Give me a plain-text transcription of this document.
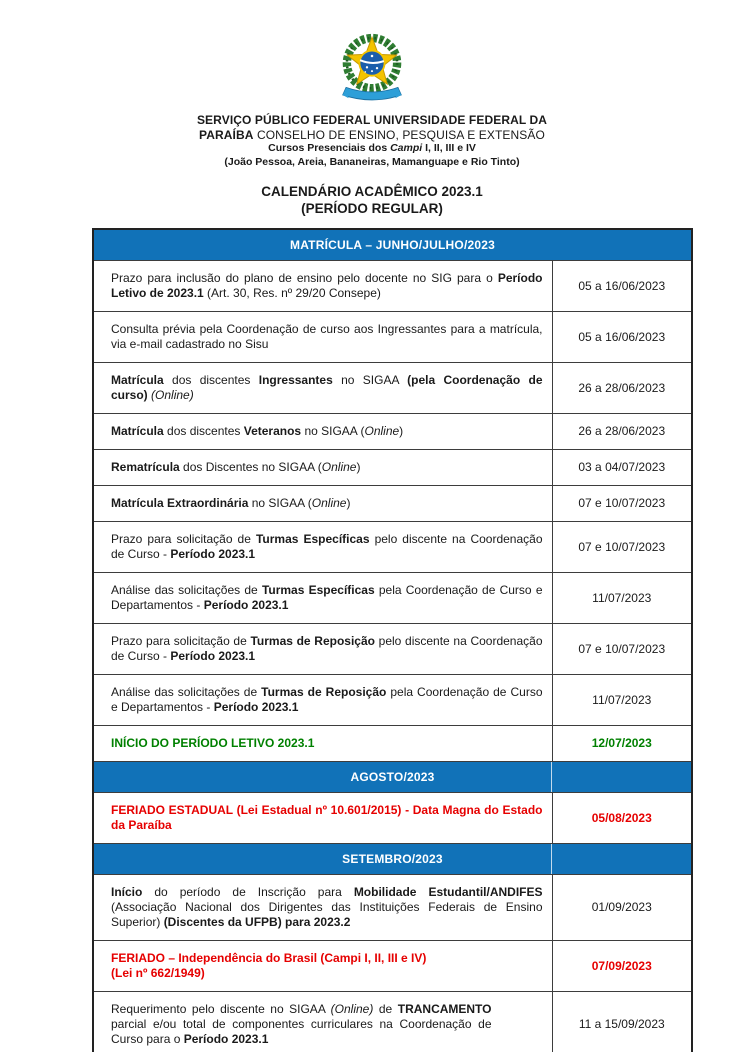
SERVIÇO PÚBLICO FEDERAL UNIVERSIDADE FEDERAL DA
PARAÍBA CONSELHO DE ENSINO, PESQUISA E EXTENSÃO
Cursos Presenciais dos Campi I, II, III e IV
(João Pessoa, Areia, Bananeiras, Mamanguape e Rio Tinto)
CALENDÁRIO ACADÊMICO 2023.1
(PERÍODO REGULAR)
MATRÍCULA – JUNHO/JULHO/2023	
Prazo para inclusão do plano de ensino pelo docente no SIG para o Período Letivo de 2023.1 (Art. 30, Res. nº 29/20 Consepe)	05 a 16/06/2023
Consulta prévia pela Coordenação de curso aos Ingressantes para a matrícula, via e-mail cadastrado no Sisu	05 a 16/06/2023
Matrícula dos discentes Ingressantes no SIGAA (pela Coordenação de curso) (Online)	26 a 28/06/2023
Matrícula dos discentes Veteranos no SIGAA (Online)	26 a 28/06/2023
Rematrícula dos Discentes no SIGAA (Online)	03 a 04/07/2023
Matrícula Extraordinária no SIGAA (Online)	07 e 10/07/2023
Prazo para solicitação de Turmas Específicas pelo discente na Coordenação de Curso - Período 2023.1	07 e 10/07/2023
Análise das solicitações de Turmas Específicas pela Coordenação de Curso e Departamentos - Período 2023.1	11/07/2023
Prazo para solicitação de Turmas de Reposição pelo discente na Coordenação de Curso - Período 2023.1	07 e 10/07/2023
Análise das solicitações de Turmas de Reposição pela Coordenação de Curso e Departamentos - Período 2023.1	11/07/2023
INÍCIO DO PERÍODO LETIVO 2023.1	12/07/2023
AGOSTO/2023	

FERIADO ESTADUAL (Lei Estadual nº 10.601/2015) - Data Magna do Estado da Paraíba	05/08/2023
SETEMBRO/2023	

Início do período de Inscrição para Mobilidade Estudantil/ANDIFES (Associação Nacional dos Dirigentes das Instituições Federais de Ensino Superior) (Discentes da UFPB) para 2023.2	01/09/2023
FERIADO – Independência do Brasil (Campi I, II, III e IV)
(Lei nº 662/1949)	07/09/2023
Requerimento pelo discente no SIGAA (Online) de TRANCAMENTO parcial e/ou total de componentes curriculares na Coordenação de Curso para o Período 2023.1	11 a 15/09/2023
